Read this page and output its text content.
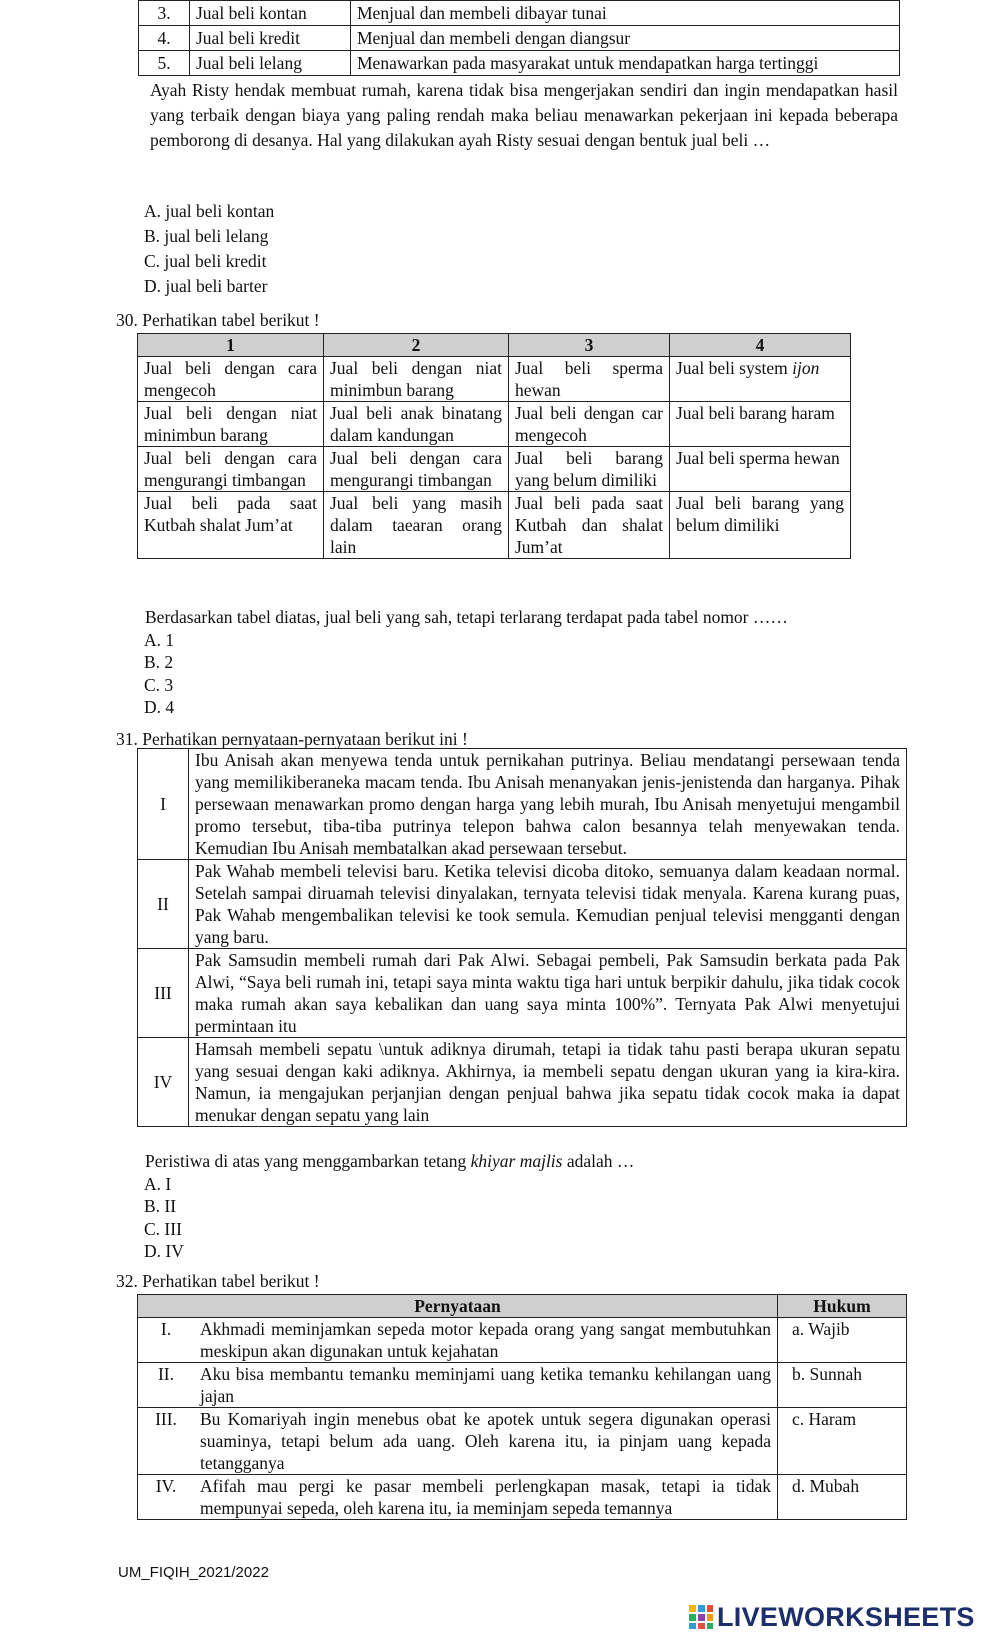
3.	Jual beli kontan	Menjual dan membeli dibayar tunai
4.	Jual beli kredit	Menjual dan membeli dengan diangsur
5.	Jual beli lelang	Menawarkan pada masyarakat untuk mendapatkan harga tertinggi
Ayah Risty hendak membuat rumah, karena tidak bisa mengerjakan sendiri dan ingin mendapatkan hasil yang terbaik dengan biaya yang paling rendah maka beliau menawarkan pekerjaan ini kepada beberapa pemborong di desanya. Hal yang dilakukan ayah Risty sesuai dengan bentuk jual beli …
A. jual beli kontan
B. jual beli lelang
C. jual beli kredit
D. jual beli barter
30. Perhatikan tabel berikut !
1	2	3	4
Jual beli dengan cara mengecoh	Jual beli dengan niat minimbun barang	Jual beli sperma hewan	Jual beli system ijon
Jual beli dengan niat minimbun barang	Jual beli anak binatang dalam kandungan	Jual beli dengan car mengecoh	Jual beli barang haram
Jual beli dengan cara mengurangi timbangan	Jual beli dengan cara mengurangi timbangan	Jual beli barang yang belum dimiliki	Jual beli sperma hewan
Jual beli pada saat Kutbah shalat Jum’at	Jual beli yang masih dalam taearan orang lain	Jual beli pada saat Kutbah dan shalat Jum’at	Jual beli barang yang belum dimiliki
Berdasarkan tabel diatas, jual beli yang sah, tetapi terlarang terdapat pada tabel nomor ……
A. 1
B. 2
C. 3
D. 4
31. Perhatikan pernyataan-pernyataan berikut ini !
I	Ibu Anisah akan menyewa tenda untuk pernikahan putrinya. Beliau mendatangi persewaan tenda yang memilikiberaneka macam tenda. Ibu Anisah menanyakan jenis-jenistenda dan harganya. Pihak persewaan menawarkan promo dengan harga yang lebih murah, Ibu Anisah menyetujui mengambil promo tersebut, tiba-tiba putrinya telepon bahwa calon besannya telah menyewakan tenda. Kemudian Ibu Anisah membatalkan akad persewaan tersebut.
II	Pak Wahab membeli televisi baru. Ketika televisi dicoba ditoko, semuanya dalam keadaan normal. Setelah sampai diruamah televisi dinyalakan, ternyata televisi tidak menyala. Karena kurang puas, Pak Wahab mengembalikan televisi ke took semula. Kemudian penjual televisi mengganti dengan yang baru.
III	Pak Samsudin membeli rumah dari Pak Alwi. Sebagai pembeli, Pak Samsudin berkata pada Pak Alwi, “Saya beli rumah ini, tetapi saya minta waktu tiga hari untuk berpikir dahulu, jika tidak cocok maka rumah akan saya kebalikan dan uang saya minta 100%”. Ternyata Pak Alwi menyetujui permintaan itu
IV	Hamsah membeli sepatu \untuk adiknya dirumah, tetapi ia tidak tahu pasti berapa ukuran sepatu yang sesuai dengan kaki adiknya. Akhirnya, ia membeli sepatu dengan ukuran yang ia kira-kira. Namun, ia mengajukan perjanjian dengan penjual bahwa jika sepatu tidak cocok maka ia dapat menukar dengan sepatu yang lain
Peristiwa di atas yang menggambarkan tetang khiyar majlis adalah …
A. I
B. II
C. III
D. IV
32. Perhatikan tabel berikut !
Pernyataan		Hukum
I.	Akhmadi meminjamkan sepeda motor kepada orang yang sangat membutuhkan meskipun akan digunakan untuk kejahatan	a. Wajib
II.	Aku bisa membantu temanku meminjami uang ketika temanku kehilangan uang jajan	b. Sunnah
III.	Bu Komariyah ingin menebus obat ke apotek untuk segera digunakan operasi suaminya, tetapi belum ada uang. Oleh karena itu, ia pinjam uang kepada tetangganya	c. Haram
IV.	Afifah mau pergi ke pasar membeli perlengkapan masak, tetapi ia tidak mempunyai sepeda, oleh karena itu, ia meminjam sepeda temannya	d. Mubah
UM_FIQIH_2021/2022
LIVEWORKSHEETS
